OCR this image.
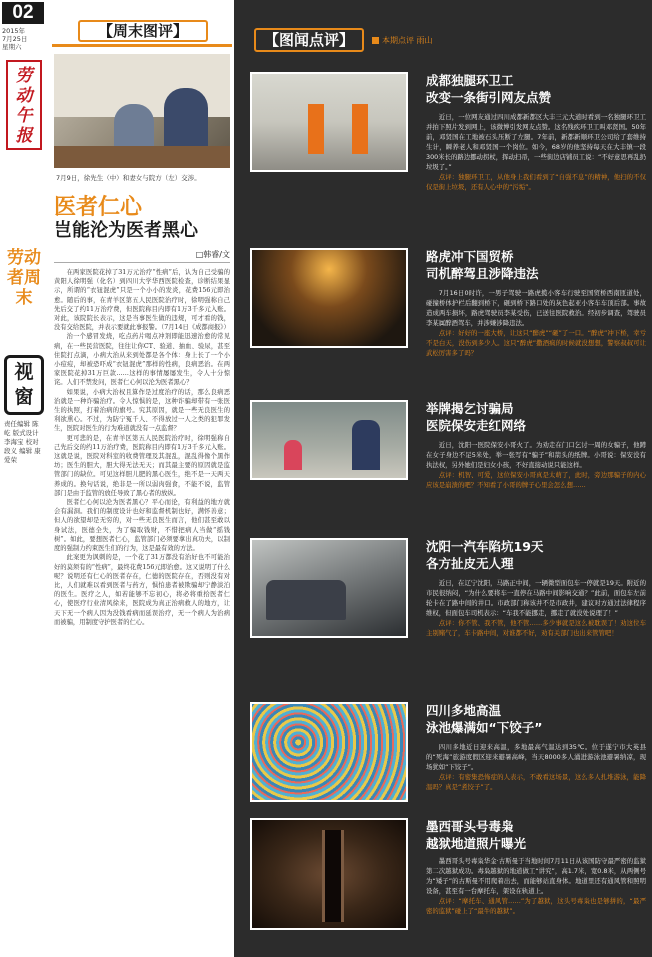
02
2015年
7月25日
星期六
劳动午报
劳动者周末
视窗
责任编辑 陈 屹 版式设计 李海宝 校对 段义 编辑 康爱荣
【周末图评】
7月9日，徐先生（中）和妻女与院方（左）交涉。
医者仁心
岂能沦为医者黑心
□韩睿/文

在两家医院花掉了31万元治疗“性病”后，认为自己受骗的黄阳人徐明强（化名）到四川大学华西医院检查，诊断结果显示，所谓的“衣钮混虎”只是一个小小的发炎，花费156元即治愈。随后的事，在青羊区第五人民医院治疗时，徐明强称自己先后交了约11万治疗费，但医院称目内即有1万3千多元入账。对此，该院院长表示，这是当事医生做的违规，可才看的钱，没有交给医院，并表示要就此事报警。（7月14日《成都商报》）

治一个感冒发烧，吃点药片喝点冲剂即能迅速治愈的常见病，在一些民营医院，往往让你CT、验道、抽血、验尿，甚至住院打点滴，小病大治从来到处都是各个体：身上长了一个小小痘痘，却被恐吓成“衣钮混虎”那样的性病，良病恶治。在两家医院花掉31万巨款……这样的事情屡屡发生，令人十分惊诧。人们不禁发问，医者仁心何以沦为医者黑心？

如果说，小病大治权且算作是过度治疗的话，那么良病恶治就是一种诈骗治疗。令人惊惧的是，这种诈骗却带有一张医生的执照，打着治病的旗号。究其原因，就是一些无良医生的利欲熏心。不过，为防宁冤千人、不得放过一人之类的犯罪发生，医院对医生的行为难道就没有一点监督？

更可悲的是，在青羊区第五人民医院治疗时，徐明强称自己先后交的约11万治疗费，医院称目内即有1万3千多元入账。这就是说，医院对科室的收费管理及其混乱，混乱得像个黑作坊；医生的胆大，胆大得无法无天；而其最主要的原因就是监管部门的缺位。可见这样胆儿肥的黑心医生，绝不是一天两天养成的。换句话说，绝非是一所以弱肉强食，不能不说，监管部门是由于监管的放任导致了黑心者的放纵。

医者仁心何以沦为医者黑心？平心而论，有利益的地方就会有漏洞。我们的制度设计也好和监督机制也好，满怀善意；但人的欲望却是无穷的，对一些无良医生而言，他们甚至敢以身试法，医德全失，为了骗取钱财，不惜把病人当做“摇钱树”。如此，要想医者仁心，监管部门必须要拿出真功夫，以制度的强制力约束医生们的行为，这是最有效的方法。

此案更为讽刺的是，一个花了31万都没有治好也不可能治好的莫须有的“性病”，最终花费156元即治愈。这又说明了什么呢？说明还有仁心的医者存在，仁德的医院存在，否则没有对比，人们就难以看到医者与药方，惧怕患者被欺骗却宁静淡泊的医生。医疗之人，如若能够不忘初心，将必将重拾医者仁心，使医疗行业清风徐来，医院成为真正治病救人的地方，让天下无一个病人因为没钱看病而延误治疗，无一个病人为治病而被骗，用制度守护医者的仁心。

【图闻点评】	本期点评 雨山
成都独腿环卫工
改变一条街引网友点赞

近日，一位网友通过四川成都新都区大丰三元大道时看到一名独腿环卫工并拍下照片发到网上，该微博引发网友点赞。这名残疾环卫工叫邓贤国。50年前，邓贤国在工地被石头压断了左腿。7年前，新都新顺环卫公司给了套维持生计，瞬养老人和邓贤国一个岗位。如今，68岁的他坚持每天在大丰镇一段300米长的路边挪动拐杖，挥动扫帚，一些街边店铺员工说：“不好意思再乱扔垃圾了。”

点评：独腿环卫工，从他身上我们看到了“自强不息”的精神，他扫的不仅仅是街上垃圾，还有人心中的“污垢”。

路虎冲下国贸桥
司机醉驾且涉降违法

7月16日0时许，一男子驾驶一路虎揽小客车行驶至国贸桥西南匝道处，碰撞桥体护栏后翻到桥下，砸到桥下路口处的灰色起亚小客车车顶后部。事故造成两车损坏，路虎驾驶员李某受伤，已送往医院救治。经初步调查，驾驶员李某属醉酒驾车，并涉嫌涉降违法。

点评：好好的一座大桥，让这只“醉虎”“砸”了一口。“醉虎”冲下桥，幸亏不是白天，没伤到多少人。这只“醉虎”撒酒疯的时候就没想想，警察叔叔可让武松厉害多了吗？

举牌揭乞讨骗局
医院保安走红网络

近日，沈阳一医院保安小哥火了。为劝走在门口乞讨一周的女骗子，他蹲在女子身边不足5米处，举一张写有“骗子”和箭头的纸牌。小哥说：保安没有执法权，另外她们是妇女小孩，不好直接动说只能这样。

点评：机智、可爱，这位保安小哥真是太萌了，此时，旁边那骗子的内心应该是崩溃的吧？不知看了小哥的牌子心里会怎么想……

沈阳一汽车陷坑19天
各方扯皮无人理

近日，在辽宁沈阳，马路正中间，一辆微型面包车一停就是19天。附近的市民很纳闷，“为什么要将车一直停在马路中间影响交通？”此前，面包车左前轮卡在了路中间的井口。市政部门称该井不是市政井，建议对方通过法律程序维权，但面包车司机表示：“车我不能挪走，挪走了就没处说理了！”

点评：你不管、我不管，他不管……多少事就是这么被耽误了！劝这位车主别赌气了，车卡路中间，对谁都不好，劝有关部门也出来管管吧！

四川多地高温
泳池爆满如“下饺子”

四川多地近日迎来高温，多地最高气温达到35℃。位于遂宁市大英县的“死海”旅游度假区迎来避暑高峰，当天8000多人涌进游泳池避暑纳凉，现场犹如“下饺子”。

点评：有密集恐怖症的人表示，不敢看这场景，这么多人扎堆游泳，能降温吗？真是“煮饺子”了。

墨西哥头号毒枭
越狱地道照片曝光

墨西哥头号毒枭华金·古斯曼于当地时间7月11日从该国防守最严密的监狱第二次越狱成功。毒枭越狱的地道做工“讲究”，高1.7米，宽0.8米，从两侧号为“矮子”的古斯曼不用爬着出去，而能够站直身体。地道里还有通风管和照明设备，甚至有一台摩托车，架设在轨道上。

点评：“摩托车、通风管……”为了越狱，这头号毒枭也是够拼的，“最严密的监狱”碰上了“最牛的越狱”。
